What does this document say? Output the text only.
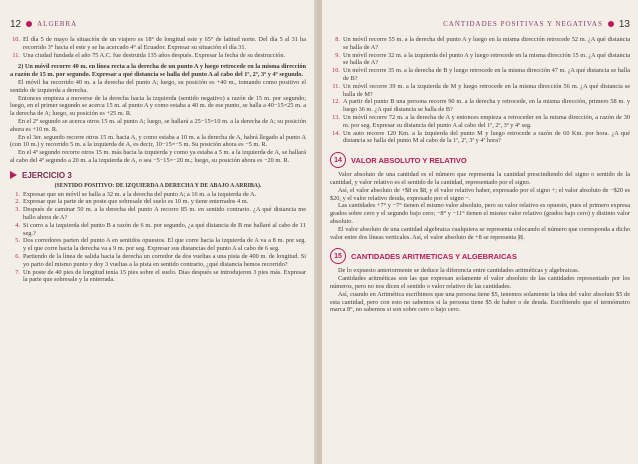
12 ALGEBRA
10. El día 5 de mayo la situación de un viajero es 18° de longitud este y 65° de latitud norte. Del día 5 al 31 ha recorrido 3° hacia el este y se ha acercado 4° al Ecuador. Expresar su situación el día 31.

11. Una ciudad fundada el año 75 A.C. fue destruida 135 años después. Expresar la fecha de su destrucción.

2) Un móvil recorre 40 m. en línea recta a la derecha de un punto A y luego retrocede en la misma dirección a razón de 15 m. por segundo. Expresar a qué distancia se halla del punto A al cabo del 1º, 2º, 3º y 4º segundo.

El móvil ha recorrido 40 m. a la derecha del punto A; luego, su posición es +40 m., tomando como positivo el sentido de izquierda a derecha.

Entonces empieza a moverse de la derecha hacia la izquierda (sentido negativo) a razón de 15 m. por segundo; luego, en el primer segundo se acerca 15 m. al punto A y como estaba a 40 m. de ese punto, se halla a 40−15=25 m. a la derecha de A; luego, su posición es +25 m. R.

En el 2º segundo se acerca otros 15 m. al punto A; luego, se hallará a 25−15=10 m. a la derecha de A; su posición ahora es +10 m. R.

En el 3er. segundo recorre otros 15 m. hacia A, y como estaba a 10 m. a la derecha de A, habrá llegado al punto A (con 10 m.) y recorrido 5 m. a la izquierda de A, es decir, 10−15=−5 m. Su posición ahora es −5 m. R.

En el 4º segundo recorre otros 15 m. más hacia la izquierda y como ya estaba a 5 m. a la izquierda de A, se hallará al cabo del 4º segundo a 20 m. a la izquierda de A, o sea −5−15=−20 m.; luego, su posición ahora es −20 m. R.

EJERCICIO 3

(SENTIDO POSITIVO: DE IZQUIERDA A DERECHA Y DE ABAJO A ARRIBA).

1. Expresar que un móvil se halla a 32 m. a la derecha del punto A; a 16 m. a la izquierda de A.

2. Expresar que la parte de un poste que sobresale del suelo es 10 m. y tiene enterrados 4 m.

3. Después de caminar 50 m. a la derecha del punto A recorro 85 m. en sentido contrario. ¿A qué distancia me hallo ahora de A?

4. Si corro a la izquierda del punto B a razón de 6 m. por segundo, ¿a qué distancia de B me hallaré al cabo de 11 seg.?

5. Dos corredores parten del punto A en sentidos opuestos. El que corre hacia la izquierda de A va a 8 m. por seg. y el que corre hacia la derecha va a 9 m. por seg. Expresar sus distancias del punto A al cabo de 6 seg.

6. Partiendo de la línea de salida hacia la derecha un corredor da dos vueltas a una pista de 400 m. de longitud. Si yo parto del mismo punto y doy 3 vueltas a la pista en sentido contrario, ¿qué distancia hemos recorrido?

7. Un poste de 40 pies de longitud tenía 15 pies sobre el suelo. Días después se introdujeron 3 pies más. Expresar la parte que sobresale y la enterrada.

CANTIDADES POSITIVAS Y NEGATIVAS 13
8. Un móvil recorre 55 m. a la derecha del punto A y luego en la misma dirección retrocede 52 m. ¿A qué distancia se halla de A?

9. Un móvil recorre 32 m. a la izquierda del punto A y luego retrocede en la misma dirección 15 m. ¿A qué distancia se halla de A?

10. Un móvil recorre 35 m. a la derecha de B y luego retrocede en la misma dirección 47 m. ¿A qué distancia se halla de B?

11. Un móvil recorre 39 m. a la izquierda de M y luego retrocede en la misma dirección 56 m. ¿A qué distancia se halla de M?

12. A partir del punto B una persona recorre 90 m. a la derecha y retrocede, en la misma dirección, primero 58 m. y luego 36 m. ¿A qué distancia se halla de B?

13. Un móvil recorre 72 m. a la derecha de A y entonces empieza a retroceder en la misma dirección, a razón de 30 m. por seg. Expresar su distancia del punto A al cabo del 1º, 2º, 3º y 4º seg.

14. Un auto recorre 120 Km. a la izquierda del punto M y luego retrocede a razón de 60 Km. por hora. ¿A qué distancia se halla del punto M al cabo de la 1ª, 2ª, 3ª y 4ª hora?

14	VALOR ABSOLUTO Y RELATIVO

Valor absoluto de una cantidad es el número que representa la cantidad prescindiendo del signo o sentido de la cantidad, y valor relativo es el sentido de la cantidad, representado por el signo.

Así, el valor absoluto de +$8 es $8, y el valor relativo haber, expresado por el signo +; el valor absoluto de −$20 es $20, y el valor relativo deuda, expresado por el signo −.

Las cantidades +7° y −7° tienen el mismo valor absoluto, pero su valor relativo es opuesto, pues el primero expresa grados sobre cero y el segundo bajo cero; −8° y −11° tienen el mismo valor relativo (grados bajo cero) y distinto valor absoluto.

El valor absoluto de una cantidad algebraica cualquiera se representa colocando el número que corresponda a dicho valor entre dos líneas verticales. Así, el valor absoluto de +8 se representa |8|.

15	CANTIDADES ARITMETICAS Y ALGEBRAICAS

De lo expuesto anteriormente se deduce la diferencia entre cantidades aritméticas y algebraicas.

Cantidades aritméticas son las que expresan solamente el valor absoluto de las cantidades representado por los números, pero no nos dicen el sentido o valor relativo de las cantidades.

Así, cuando en Aritmética escribimos que una persona tiene $5, tenemos solamente la idea del valor absoluto $5 de esta cantidad, pero con esto no sabemos si la persona tiene $5 de haber o de deuda. Escribiendo que el termómetro marca 8°, no sabemos si son sobre cero o bajo cero.
